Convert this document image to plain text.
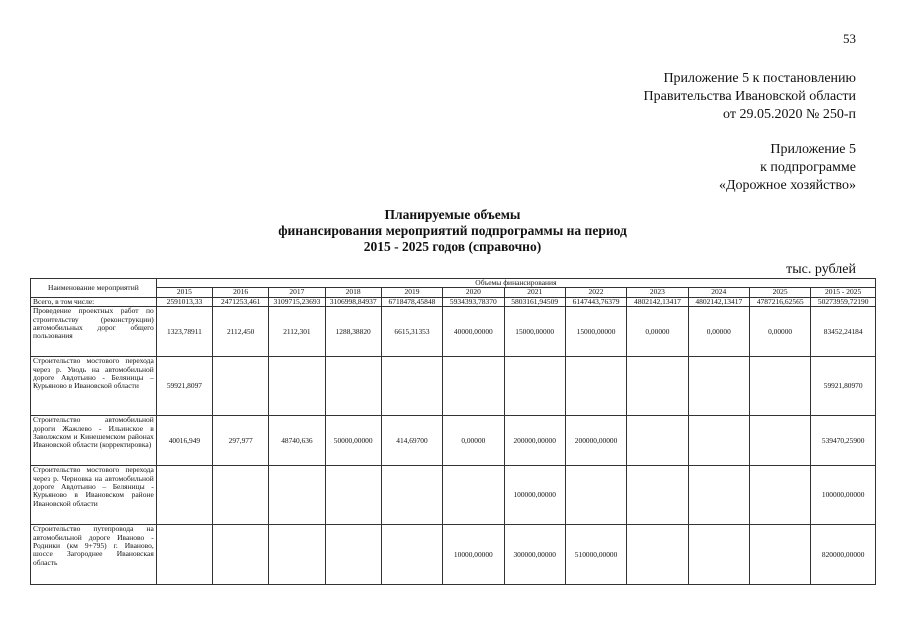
53
Приложение 5 к постановлению
Правительства Ивановской области
от 29.05.2020 № 250-п
Приложение 5
к подпрограмме
«Дорожное хозяйство»
Планируемые объемы
финансирования мероприятий подпрограммы на период
2015 - 2025 годов (справочно)
тыс. рублей
Наименование мероприятий	Объемы финансирования											
	2015	2016	2017	2018	2019	2020	2021	2022	2023	2024	2025	2015 - 2025
Всего, в том числе:	2591013,33	2471253,461	3109715,23693	3106998,84937	6718478,45848	5934393,78370	5803161,94509	6147443,76379	4802142,13417	4802142,13417	4787216,62565	50273959,72190
Проведение проектных работ по строительству (реконструкции) автомобильных дорог общего пользования	1323,78911	2112,450	2112,301	1288,38820	6615,31353	40000,00000	15000,00000	15000,00000	0,00000	0,00000	0,00000	83452,24184
Строительство мостового перехода через р. Уводь на автомобильной дороге Авдотьино - Беляницы – Курьяново в Ивановской области	59921,8097											59921,80970
Строительство автомобильной дороги Жажлево - Ильинское в Заволжском и Кинешемском районах Ивановской области (корректировка)	40016,949	297,977	48740,636	50000,00000	414,69700	0,00000	200000,00000	200000,00000				539470,25900
Строительство мостового перехода через р. Черновка на автомобильной дороге Авдотьино – Беляницы - Курьяново в Ивановском районе Ивановской области							100000,00000					100000,00000
Строительство путепровода на автомобильной дороге Иваново - Родники (км 9+795) г. Иваново, шоссе Загороднее Ивановская область						10000,00000	300000,00000	510000,00000				820000,00000
